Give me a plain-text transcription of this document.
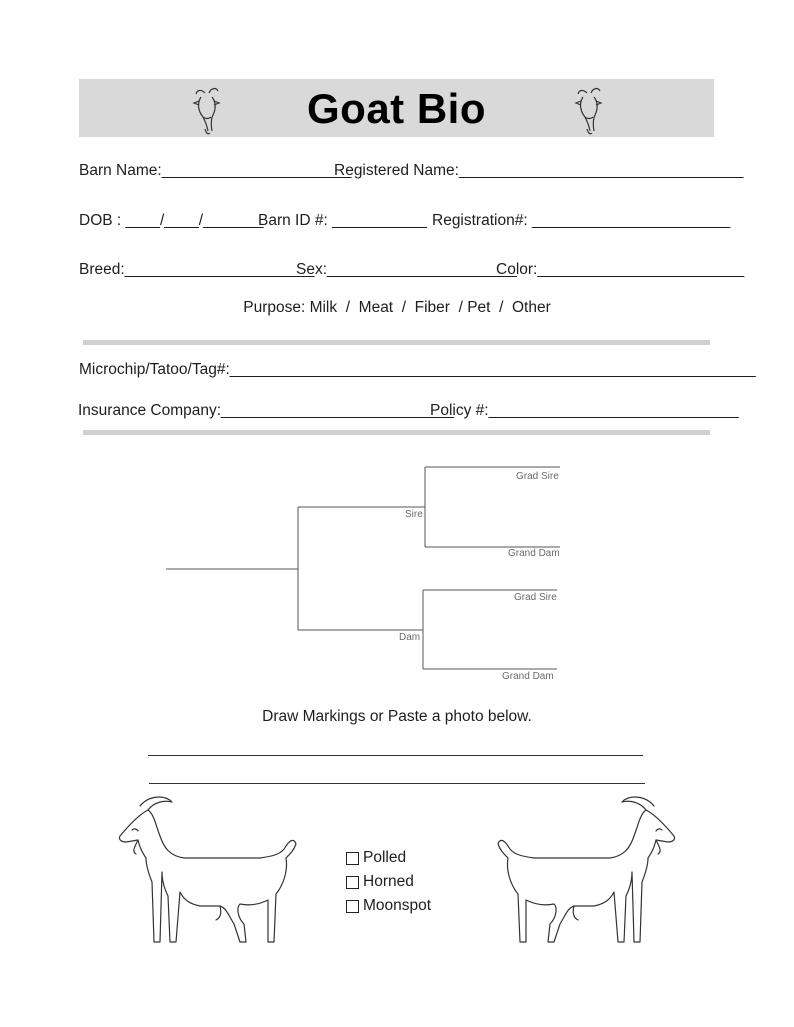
Goat Bio
Barn Name:______________________
Registered Name:_________________________________
DOB : ____/____/_______
Barn ID #: ___________ Registration#: _______________________
Breed:______________________
Sex:______________________
Color:________________________
Purpose: Milk  /  Meat  /  Fiber  / Pet  /  Other
Microchip/Tatoo/Tag#:_____________________________________________________________
Insurance Company:___________________________
Policy #:_____________________________
Sire
Dam
Grad Sire
Grand Dam
Grad Sire
Grand Dam
Draw Markings or Paste a photo below.
Polled
Horned
Moonspot
